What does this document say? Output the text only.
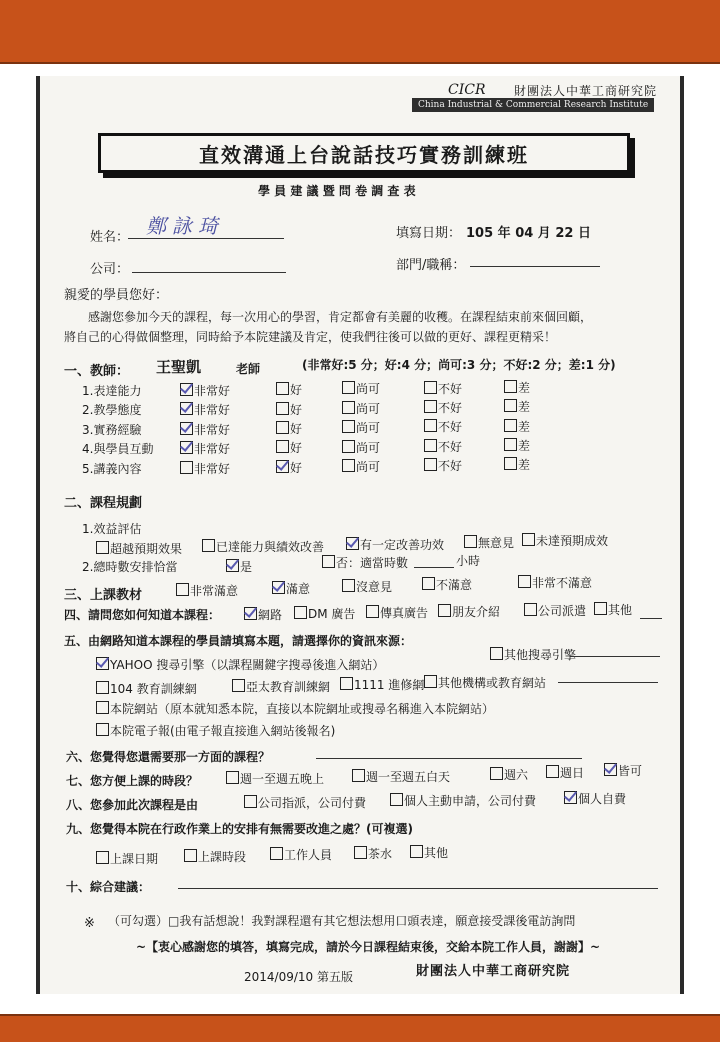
CICR 財團法人中華工商研究院
China Industrial & Commercial Research Institute
直效溝通上台說話技巧實務訓練班
學 員 建 議 暨 問 卷 調 查 表
姓名： 鄭詠琦	填寫日期： 105 年 04 月 22 日
公司：	部門/職稱：
親愛的學員您好：
感謝您參加今天的課程，每一次用心的學習，肯定都會有美麗的收穫。在課程結束前來個回顧，
將自己的心得做個整理，同時給予本院建議及肯定，使我們往後可以做的更好、課程更精采！
一、教師： 王聖凱	老師	(非常好:5 分；好:4 分；尚可:3 分；不好:2 分；差:1 分)
二、課程規劃
1.效益評估
2.總時數安排恰當	是	否：適當時數	小時
三、上課教材
四、請問您如何知道本課程：
五、由網路知道本課程的學員請填寫本題，請選擇你的資訊來源：
YAHOO 搜尋引擎（以課程關鍵字搜尋後進入網站）
其他搜尋引擎
104 教育訓練網	亞太教育訓練網	1111 進修網	其他機構或教育網站
本院網站（原本就知悉本院，直接以本院網址或搜尋名稱進入本院網站）
本院電子報(由電子報直接進入網站後報名)
六、您覺得您還需要那一方面的課程？
七、您方便上課的時段？
八、您參加此次課程是由
九、您覺得本院在行政作業上的安排有無需要改進之處？(可複選)
十、綜合建議：
※ （可勾選）□我有話想說！我對課程還有其它想法想用口頭表達，願意接受課後電訪詢問
~【衷心感謝您的填答，填寫完成，請於今日課程結束後，交給本院工作人員，謝謝】~
2014/09/10 第五版	財團法人中華工商研究院
1.表達能力	非常好	好	尚可	不好	差
2.教學態度	非常好	好	尚可	不好	差
3.實務經驗	非常好	好	尚可	不好	差
4.與學員互動	非常好	好	尚可	不好	差
5.講義內容	非常好	好	尚可	不好	差
超越預期效果	已達能力與績效改善	有一定改善功效	無意見	未達預期成效
非常滿意	滿意	沒意見	不滿意	非常不滿意
網路	DM 廣告	傳真廣告	朋友介紹	公司派遣	其他
週一至週五晚上	週一至週五白天	週六	週日	皆可
公司指派，公司付費	個人主動申請，公司付費	個人自費
上課日期	上課時段	工作人員	茶水	其他
